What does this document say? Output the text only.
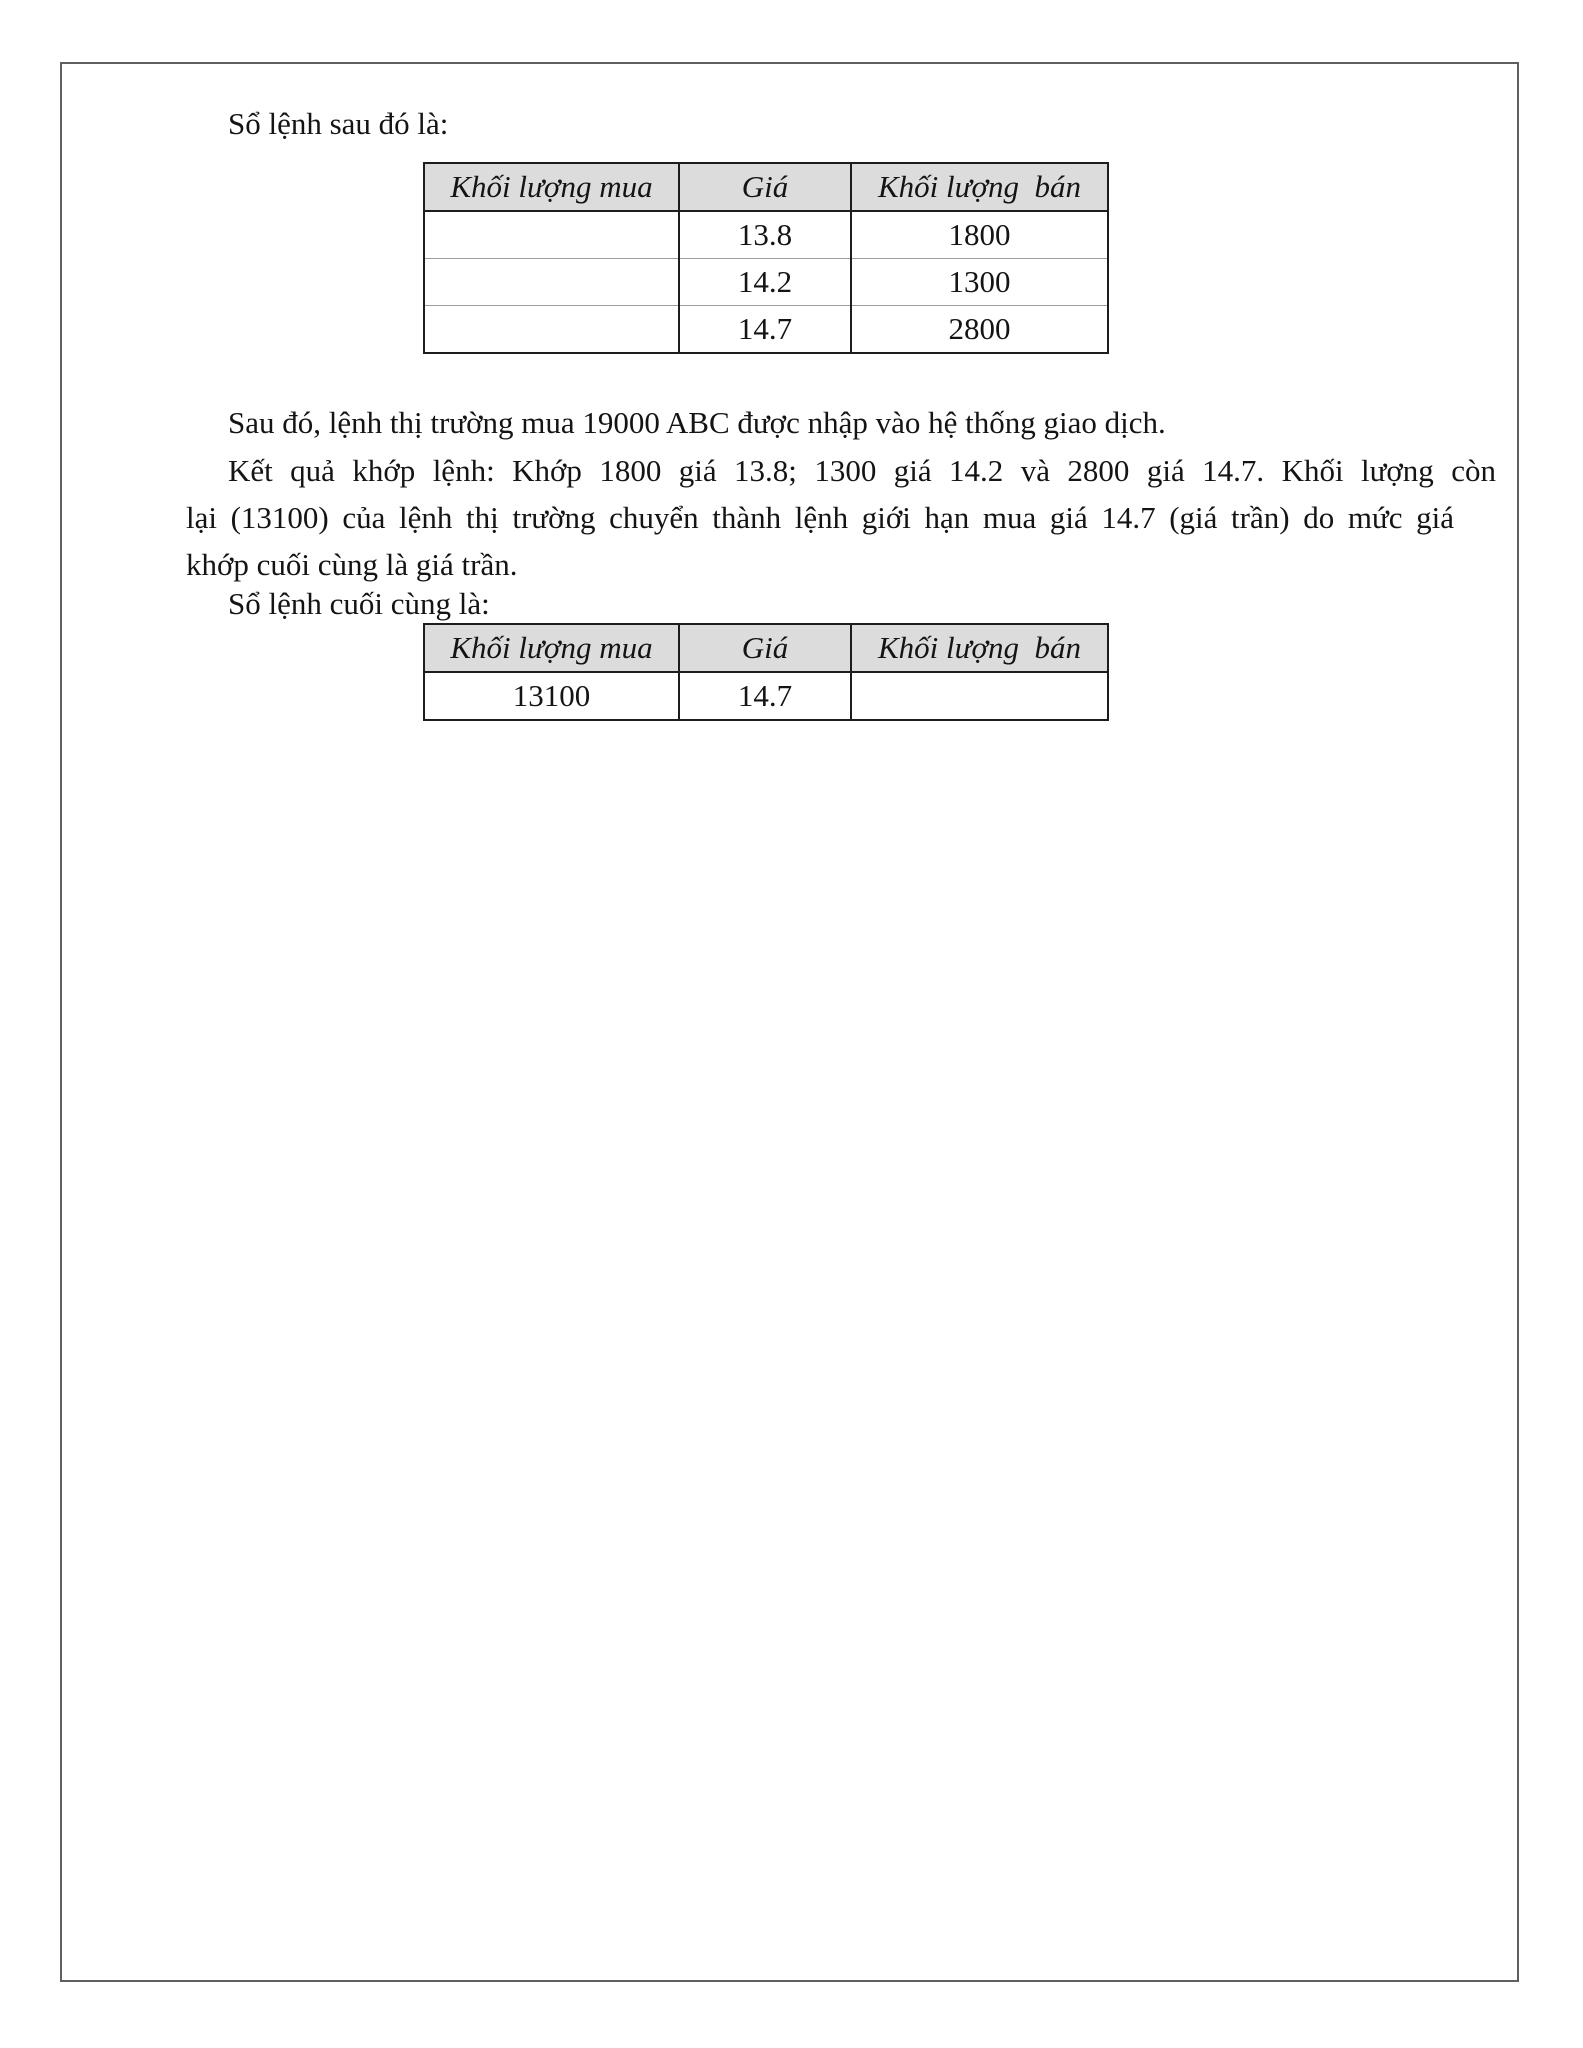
Sổ lệnh sau đó là:
Khối lượng mua	Giá	Khối lượng  bán
	13.8	1800
	14.2	1300
	14.7	2800
Sau đó, lệnh thị trường mua 19000 ABC được nhập vào hệ thống giao dịch.
Kết quả khớp lệnh: Khớp 1800 giá 13.8; 1300 giá 14.2 và 2800 giá 14.7. Khối lượng còn
lại (13100) của lệnh thị trường chuyển thành lệnh giới hạn mua giá 14.7 (giá trần) do mức giá
khớp cuối cùng là giá trần.
Sổ lệnh cuối cùng là:
Khối lượng mua	Giá	Khối lượng  bán
13100	14.7	
